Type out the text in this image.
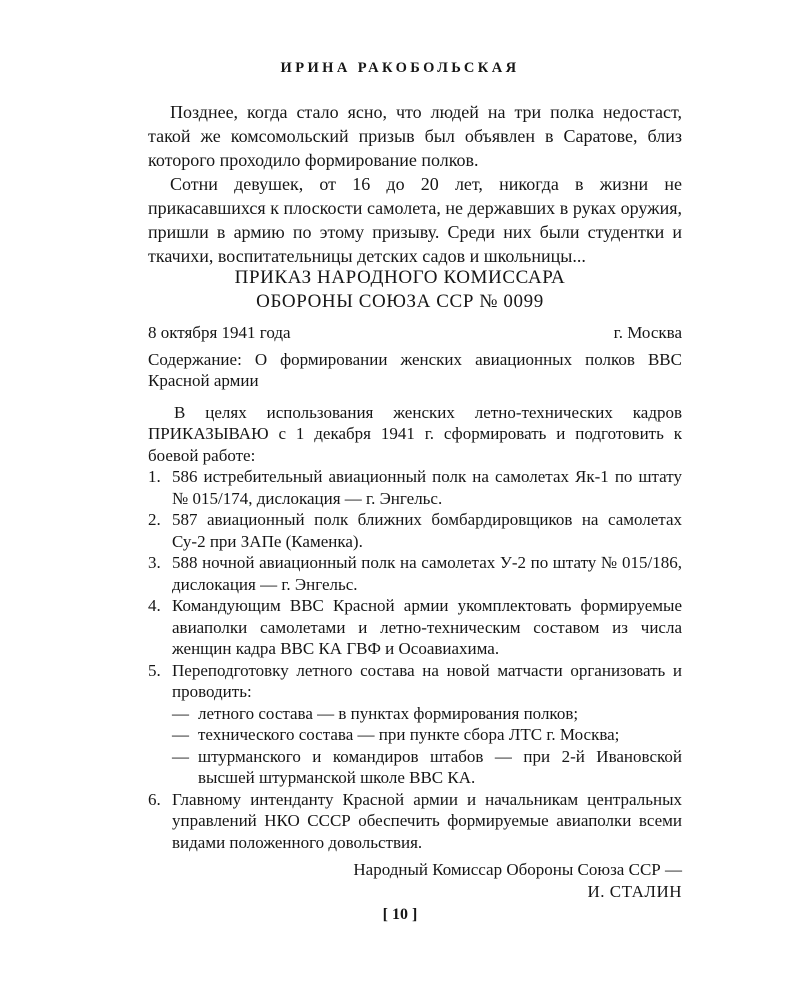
ИРИНА РАКОБОЛЬСКАЯ

Позднее, когда стало ясно, что людей на три полка недостаст, такой же комсомольский призыв был объявлен в Саратове, близ которого проходило формирование полков.

Сотни девушек, от 16 до 20 лет, никогда в жизни не прикасавшихся к плоскости самолета, не державших в руках оружия, пришли в армию по этому призыву. Среди них были студентки и ткачихи, воспитательницы детских садов и школьницы...

ПРИКАЗ НАРОДНОГО КОМИССАРА
ОБОРОНЫ СОЮЗА ССР № 0099
8 октября 1941 года	г. Москва

Содержание: О формировании женских авиационных полков ВВС Красной армии

В целях использования женских летно-технических кадров ПРИКАЗЫВАЮ с 1 декабря 1941 г. сформировать и подготовить к боевой работе:

1. 586 истребительный авиационный полк на самолетах Як-1 по штату № 015/174, дислокация — г. Энгельс.
2. 587 авиационный полк ближних бомбардировщиков на самолетах Су-2 при ЗАПе (Каменка).
3. 588 ночной авиационный полк на самолетах У-2 по штату № 015/186, дислокация — г. Энгельс.
4. Командующим ВВС Красной армии укомплектовать формируемые авиаполки самолетами и летно-техническим составом из числа женщин кадра ВВС КА ГВФ и Осоавиахима.
5. Переподготовку летного состава на новой матчасти организовать и проводить:
— летного состава — в пунктах формирования полков;
— технического состава — при пункте сбора ЛТС г. Москва;
— штурманского и командиров штабов — при 2-й Ивановской высшей штурманской школе ВВС КА.
6. Главному интенданту Красной армии и начальникам центральных управлений НКО СССР обеспечить формируемые авиаполки всеми видами положенного довольствия.
Народный Комиссар Обороны Союза ССР —
И. СТАЛИН
[ 10 ]
